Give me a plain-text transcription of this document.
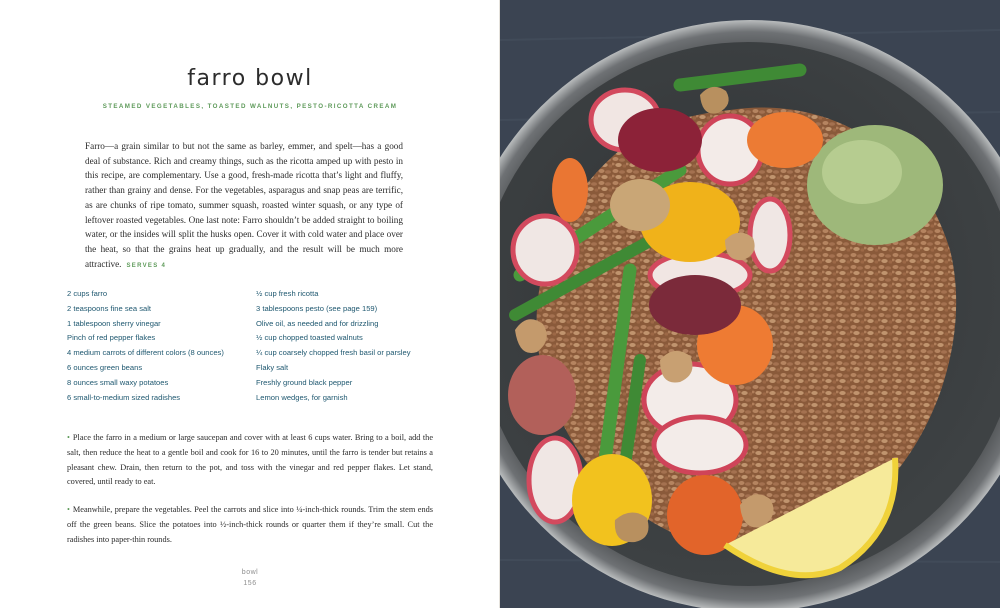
farro bowl
STEAMED VEGETABLES, TOASTED WALNUTS, PESTO-RICOTTA CREAM

Farro—a grain similar to but not the same as barley, emmer, and spelt—has a good deal of substance. Rich and creamy things, such as the ricotta amped up with pesto in this recipe, are complementary. Use a good, fresh-made ricotta that’s light and fluffy, rather than grainy and dense. For the vegetables, asparagus and snap peas are terrific, as are chunks of ripe tomato, summer squash, roasted winter squash, or any type of leftover roasted vegetables. One last note: Farro shouldn’t be added straight to boiling water, or the insides will split the husks open. Cover it with cold water and place over the heat, so that the grains heat up gradually, and the result will be much more attractive. SERVES 4

2 cups farro
2 teaspoons fine sea salt
1 tablespoon sherry vinegar
Pinch of red pepper flakes
4 medium carrots of different colors (8 ounces)
6 ounces green beans
8 ounces small waxy potatoes
6 small-to-medium sized radishes
½ cup fresh ricotta
3 tablespoons pesto (see page 159)
Olive oil, as needed and for drizzling
½ cup chopped toasted walnuts
¼ cup coarsely chopped fresh basil or parsley
Flaky salt
Freshly ground black pepper
Lemon wedges, for garnish

• Place the farro in a medium or large saucepan and cover with at least 6 cups water. Bring to a boil, add the salt, then reduce the heat to a gentle boil and cook for 16 to 20 minutes, until the farro is tender but retains a pleasant chew. Drain, then return to the pot, and toss with the vinegar and red pepper flakes. Let stand, covered, until ready to eat.

• Meanwhile, prepare the vegetables. Peel the carrots and slice into ¼-inch-thick rounds. Trim the stem ends off the green beans. Slice the potatoes into ½-inch-thick rounds or quarter them if they’re small. Cut the radishes into paper-thin rounds.

bowl
156
